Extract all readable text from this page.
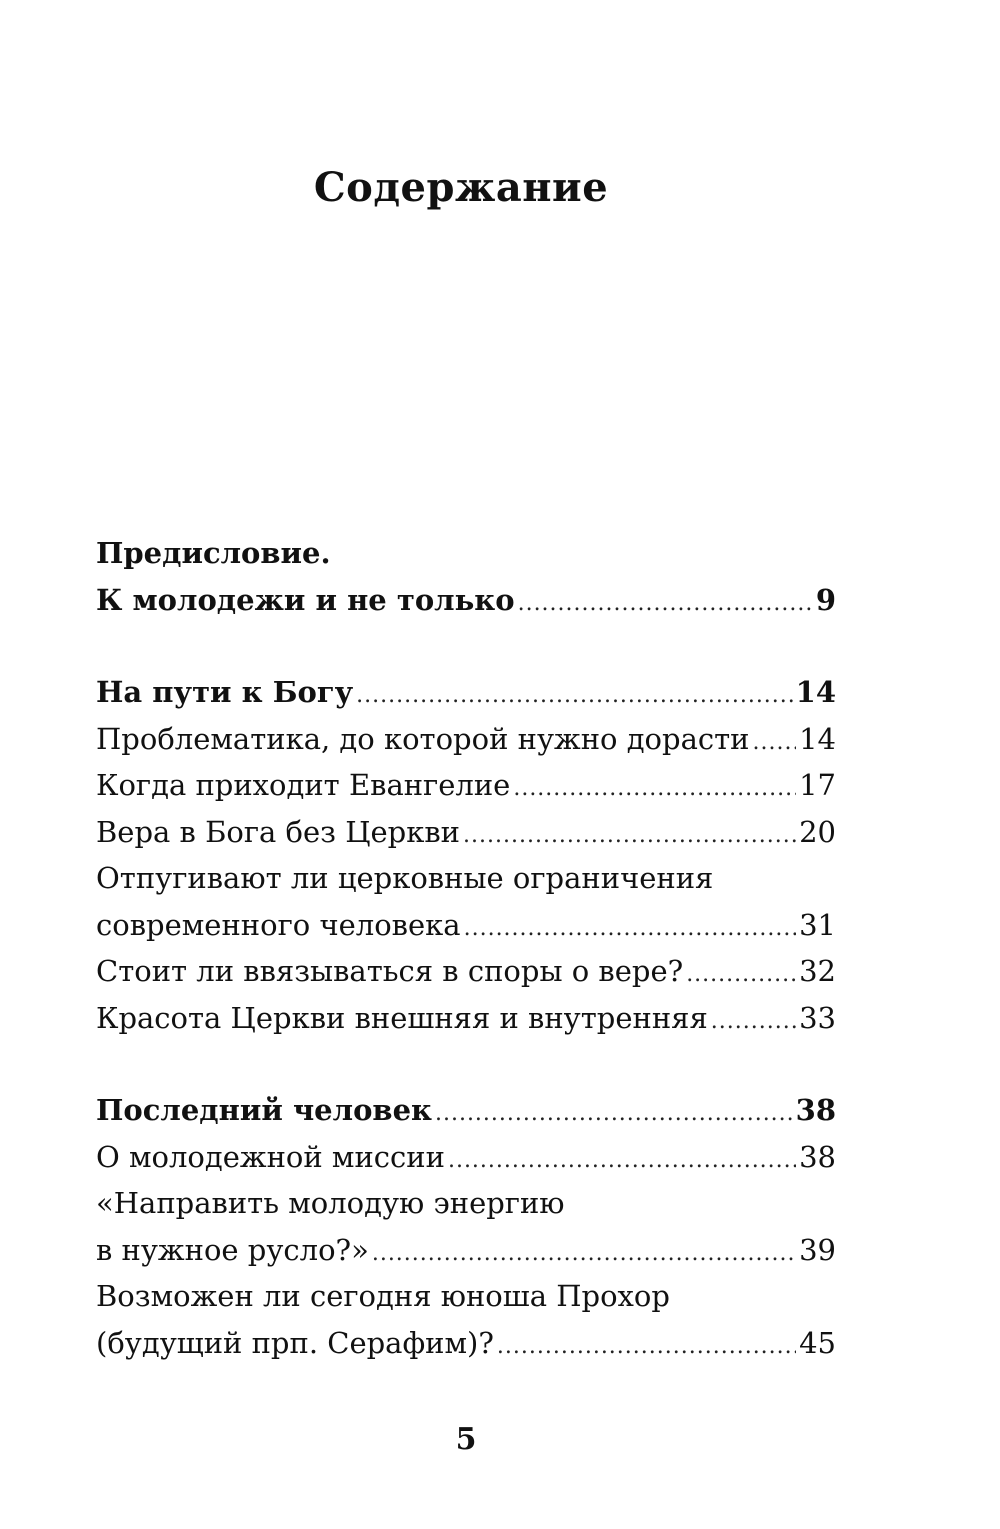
Содержание
Предисловие.
К молодежи и не только .....	9
На пути к Богу .....	14
Проблематика, до которой нужно дорасти ..... 14
Когда приходит Евангелие .....	17
Вера в Бога без Церкви .....	20
Отпугивают ли церковные ограничения
современного человека .....	31
Стоит ли ввязываться в споры о вере? .....	32
Красота Церкви внешняя и внутренняя .....	33
Последний человек .....	38
О молодежной миссии .....	38
«Направить молодую энергию
в нужное русло?» .....	39
Возможен ли сегодня юноша Прохор
(будущий прп. Серафим)? .....	45
5
